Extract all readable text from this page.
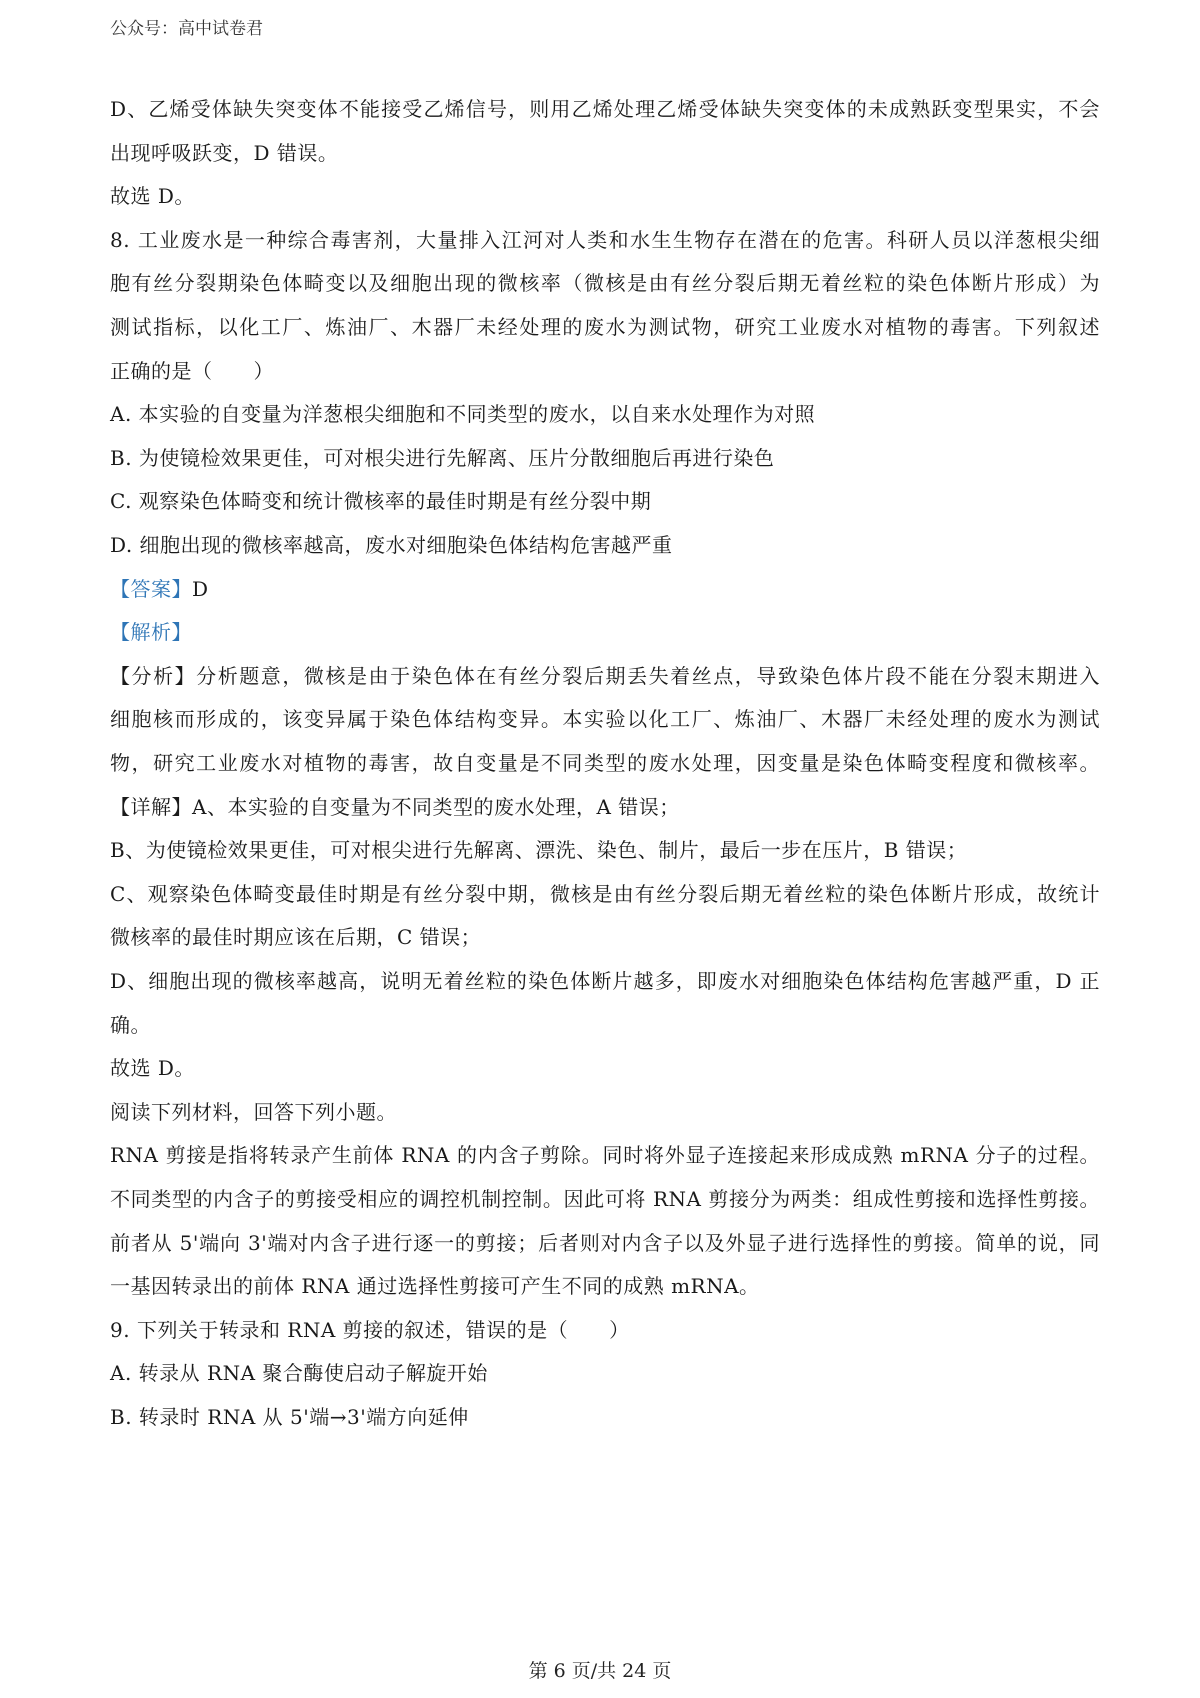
公众号：高中试卷君
D、乙烯受体缺失突变体不能接受乙烯信号，则用乙烯处理乙烯受体缺失突变体的未成熟跃变型果实，不会
出现呼吸跃变，D 错误。
故选 D。
8. 工业废水是一种综合毒害剂，大量排入江河对人类和水生生物存在潜在的危害。科研人员以洋葱根尖细
胞有丝分裂期染色体畸变以及细胞出现的微核率（微核是由有丝分裂后期无着丝粒的染色体断片形成）为
测试指标，以化工厂、炼油厂、木器厂未经处理的废水为测试物，研究工业废水对植物的毒害。下列叙述
正确的是（　　）
A. 本实验的自变量为洋葱根尖细胞和不同类型的废水，以自来水处理作为对照
B. 为使镜检效果更佳，可对根尖进行先解离、压片分散细胞后再进行染色
C. 观察染色体畸变和统计微核率的最佳时期是有丝分裂中期
D. 细胞出现的微核率越高，废水对细胞染色体结构危害越严重
【答案】D
【解析】
【分析】分析题意，微核是由于染色体在有丝分裂后期丢失着丝点，导致染色体片段不能在分裂末期进入
细胞核而形成的，该变异属于染色体结构变异。本实验以化工厂、炼油厂、木器厂未经处理的废水为测试
物，研究工业废水对植物的毒害，故自变量是不同类型的废水处理，因变量是染色体畸变程度和微核率。
【详解】A、本实验的自变量为不同类型的废水处理，A 错误；
B、为使镜检效果更佳，可对根尖进行先解离、漂洗、染色、制片，最后一步在压片，B 错误；
C、观察染色体畸变最佳时期是有丝分裂中期，微核是由有丝分裂后期无着丝粒的染色体断片形成，故统计
微核率的最佳时期应该在后期，C 错误；
D、细胞出现的微核率越高，说明无着丝粒的染色体断片越多，即废水对细胞染色体结构危害越严重，D 正
确。
故选 D。
阅读下列材料，回答下列小题。
RNA 剪接是指将转录产生前体 RNA 的内含子剪除。同时将外显子连接起来形成成熟 mRNA 分子的过程。
不同类型的内含子的剪接受相应的调控机制控制。因此可将 RNA 剪接分为两类：组成性剪接和选择性剪接。
前者从 5'端向 3'端对内含子进行逐一的剪接；后者则对内含子以及外显子进行选择性的剪接。简单的说，同
一基因转录出的前体 RNA 通过选择性剪接可产生不同的成熟 mRNA。
9. 下列关于转录和 RNA 剪接的叙述，错误的是（　　）
A. 转录从 RNA 聚合酶使启动子解旋开始
B. 转录时 RNA 从 5'端→3'端方向延伸
第 6 页/共 24 页
